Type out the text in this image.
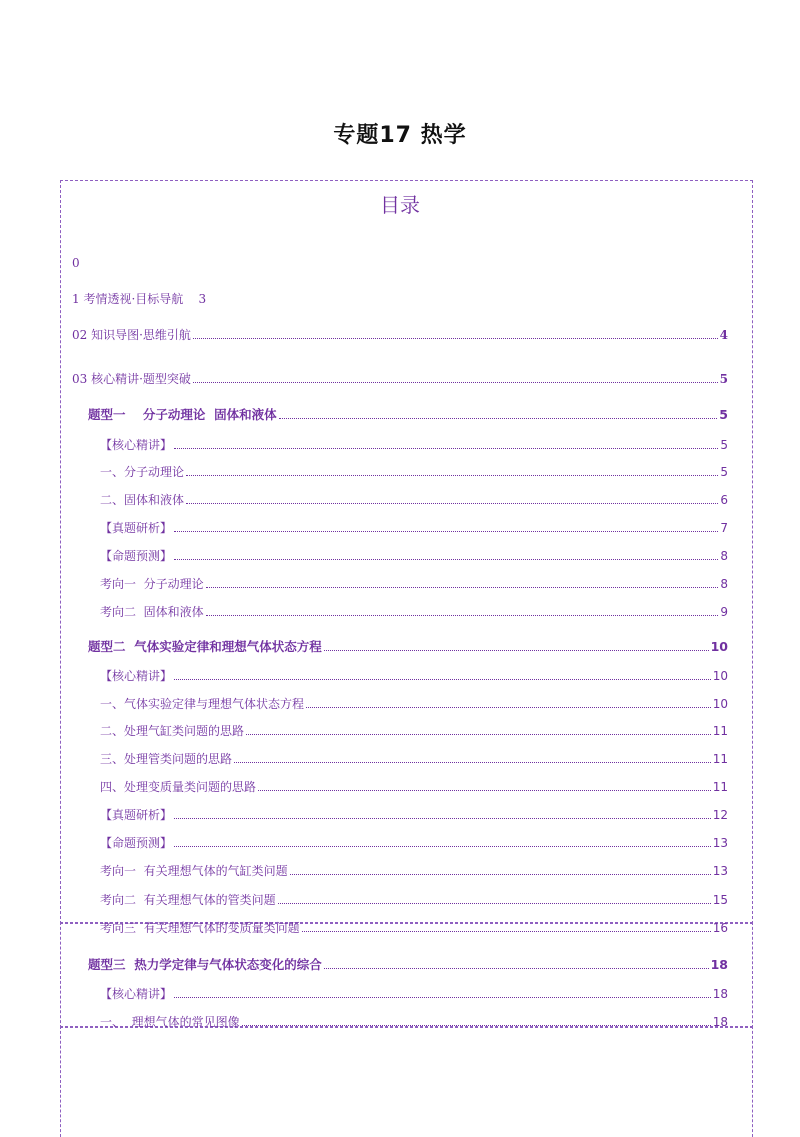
专题17 热学
目录
0
1 考情透视·目标导航    3
02 知识导图·思维引航	4
03 核心精讲·题型突破	5
题型一    分子动理论  固体和液体	5
【核心精讲】	5
一、分子动理论	5
二、固体和液体	6
【真题研析】	7
【命题预测】	8
考向一  分子动理论	8
考向二  固体和液体	9
题型二  气体实验定律和理想气体状态方程	10
【核心精讲】	10
一、气体实验定律与理想气体状态方程	10
二、处理气缸类问题的思路	11
三、处理管类问题的思路	11
四、处理变质量类问题的思路	11
【真题研析】	12
【命题预测】	13
考向一  有关理想气体的气缸类问题	13
考向二  有关理想气体的管类问题	15
考向三  有关理想气体的变质量类问题	16
题型三  热力学定律与气体状态变化的综合	18
【核心精讲】	18
一、  理想气体的常见图像	18
